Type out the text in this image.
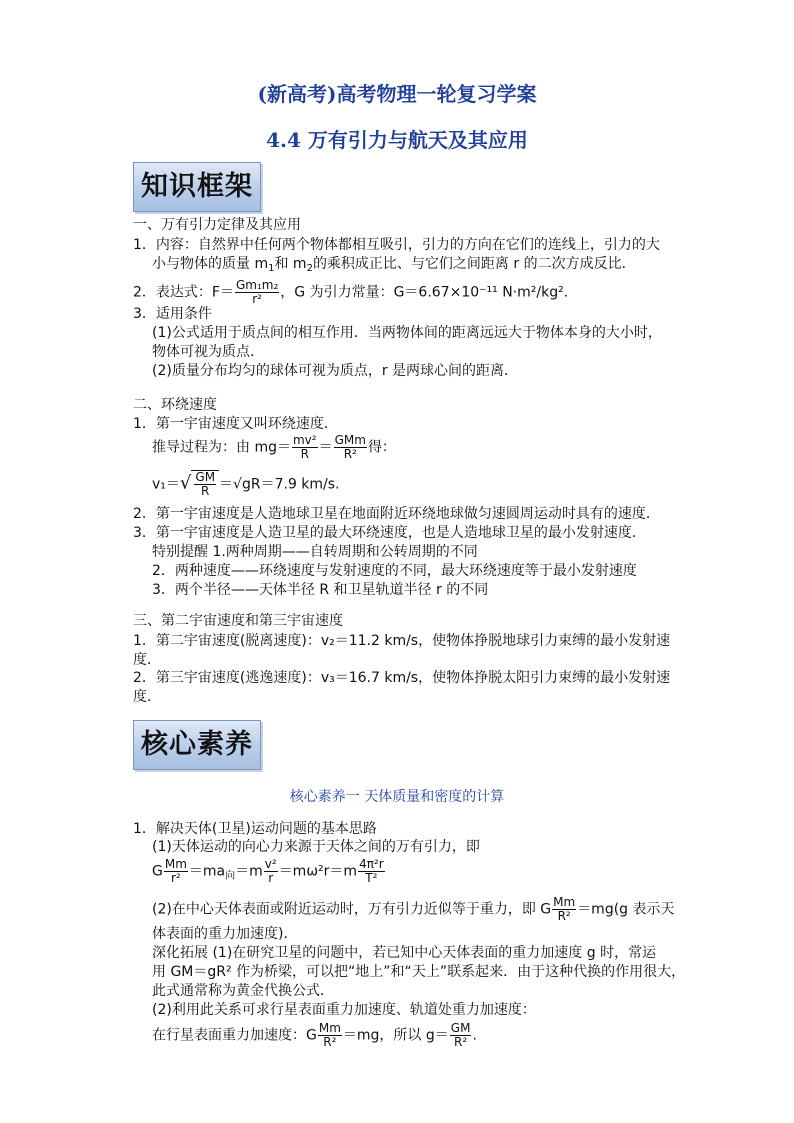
(新高考)高考物理一轮复习学案
4.4 万有引力与航天及其应用
知识框架
一、万有引力定律及其应用
1．内容：自然界中任何两个物体都相互吸引，引力的方向在它们的连线上，引力的大
小与物体的质量 $m_1$和 $m_2$的乘积成正比、与它们之间距离 r 的二次方成反比．
2．表达式：$F= \frac{\text{Gm₁m₂}}{\text{r²}}$ ，G 为引力常量：G＝6.67×10⁻¹¹ N·m²/kg².
3．适用条件
(1)公式适用于质点间的相互作用．当两物体间的距离远远大于物体本身的大小时，
物体可视为质点．
(2)质量分布均匀的球体可视为质点，r 是两球心间的距离．
二、环绕速度
1．第一宇宙速度又叫环绕速度．
推导过程为：由 $mg= \frac{\text{mv²}}{R} = \frac{\text{GMm}}{\text{R²}}$ 得：
$v_1=√ \frac{GM}{R} =√gR=7.9$ km/s.
2．第一宇宙速度是人造地球卫星在地面附近环绕地球做匀速圆周运动时具有的速度．
3．第一宇宙速度是人造卫星的最大环绕速度，也是人造地球卫星的最小发射速度．
特别提醒 1.两种周期——自转周期和公转周期的不同
2．两种速度——环绕速度与发射速度的不同，最大环绕速度等于最小发射速度
3．两个半径——天体半径 R 和卫星轨道半径 r 的不同
三、第二宇宙速度和第三宇宙速度
1．第二宇宙速度(脱离速度)：v₂＝11.2 km/s，使物体挣脱地球引力束缚的最小发射速
度．
2．第三宇宙速度(逃逸速度)：v₃＝16.7 km/s，使物体挣脱太阳引力束缚的最小发射速
度．
核心素养
核心素养一 天体质量和密度的计算
1．解决天体(卫星)运动问题的基本思路
(1)天体运动的向心力来源于天体之间的万有引力，即
G $\frac{Mm}{\text{r²}} =ma_向=m \frac{\text{v²}}{r} =m\omega^2r=m \frac{\text{4π²r}}{\text{T²}}$
(2)在中心天体表面或附近运动时，万有引力近似等于重力，即 G $\frac{Mm}{\text{R²}} =mg(g$ 表示天
体表面的重力加速度)．
深化拓展 (1)在研究卫星的问题中，若已知中心天体表面的重力加速度 g 时，常运
用 GM＝gR² 作为桥梁，可以把“地上”和“天上”联系起来．由于这种代换的作用很大，
此式通常称为黄金代换公式．
(2)利用此关系可求行星表面重力加速度、轨道处重力加速度：
在行星表面重力加速度：G $\frac{Mm}{\text{R²}} =mg$，所以 $g= \frac{GM}{\text{R²}}$ .
